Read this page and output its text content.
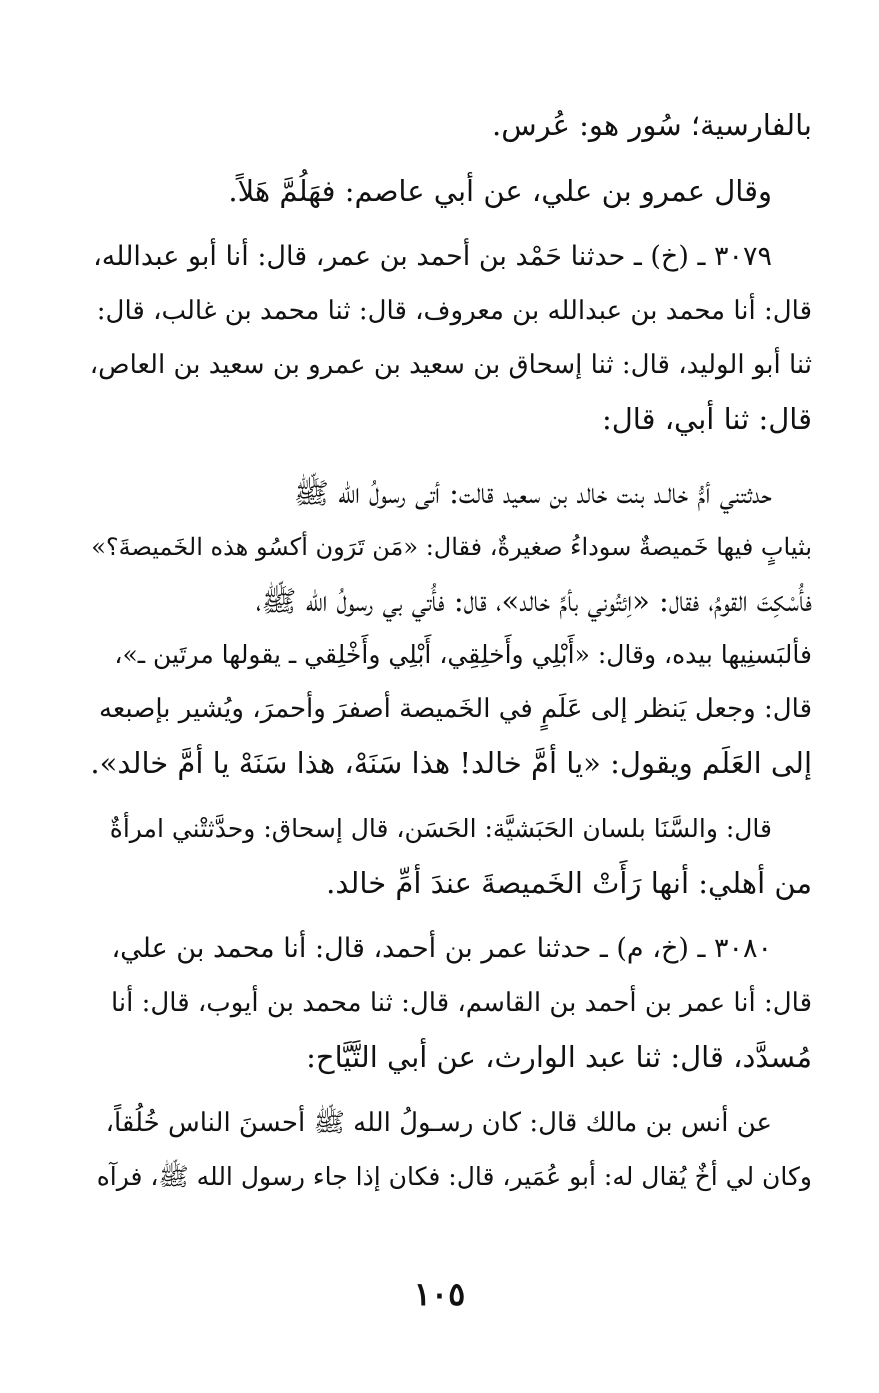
بالفارسية؛ سُور هو: عُرس.
وقال عمرو بن علي، عن أبي عاصم: فهَلُمَّ هَلاً.
٣٠٧٩ ـ (خ) ـ حدثنا حَمْد بن أحمد بن عمر، قال: أنا أبو عبدالله،
قال: أنا محمد بن عبدالله بن معروف، قال: ثنا محمد بن غالب، قال:
ثنا أبو الوليد، قال: ثنا إسحاق بن سعيد بن عمرو بن سعيد بن العاص،
قال: ثنا أبي، قال:
حدثتني أمُّ خالـد بنت خالد بن سعيد قالت: أتى رسولُ الله ﷺ
بثيابٍ فيها خَميصةٌ سوداءُ صغيرةٌ، فقال: «مَن تَرَون أكسُو هذه الخَميصةَ؟»
فأُسْكِتَ القومُ، فقال: «اِئتُوني بأمِّ خالد»، قال: فأُتي بي رسولُ الله ﷺ،
فألبَسنِيها بيده، وقال: «أَبْلِي وأَخلِقِي، أَبْلِي وأَخْلِقي ـ يقولها مرتَين ـ»،
قال: وجعل يَنظر إلى عَلَمٍ في الخَميصة أصفرَ وأحمرَ، ويُشير بإصبعه
إلى العَلَم ويقول: «يا أمَّ خالد! هذا سَنَهْ، هذا سَنَهْ يا أمَّ خالد».
قال: والسَّنَا بلسان الحَبَشيَّة: الحَسَن، قال إسحاق: وحدَّثتْني امرأةٌ
من أهلي: أنها رَأَتْ الخَميصةَ عندَ أمِّ خالد.
٣٠٨٠ ـ (خ، م) ـ حدثنا عمر بن أحمد، قال: أنا محمد بن علي،
قال: أنا عمر بن أحمد بن القاسم، قال: ثنا محمد بن أيوب، قال: أنا
مُسدَّد، قال: ثنا عبد الوارث، عن أبي التَّيَّاح:
عن أنس بن مالك قال: كان رسـولُ الله ﷺ أحسنَ الناس خُلُقاً،
وكان لي أخٌ يُقال له: أبو عُمَير، قال: فكان إذا جاء رسول الله ﷺ، فرآه
١٠٥
